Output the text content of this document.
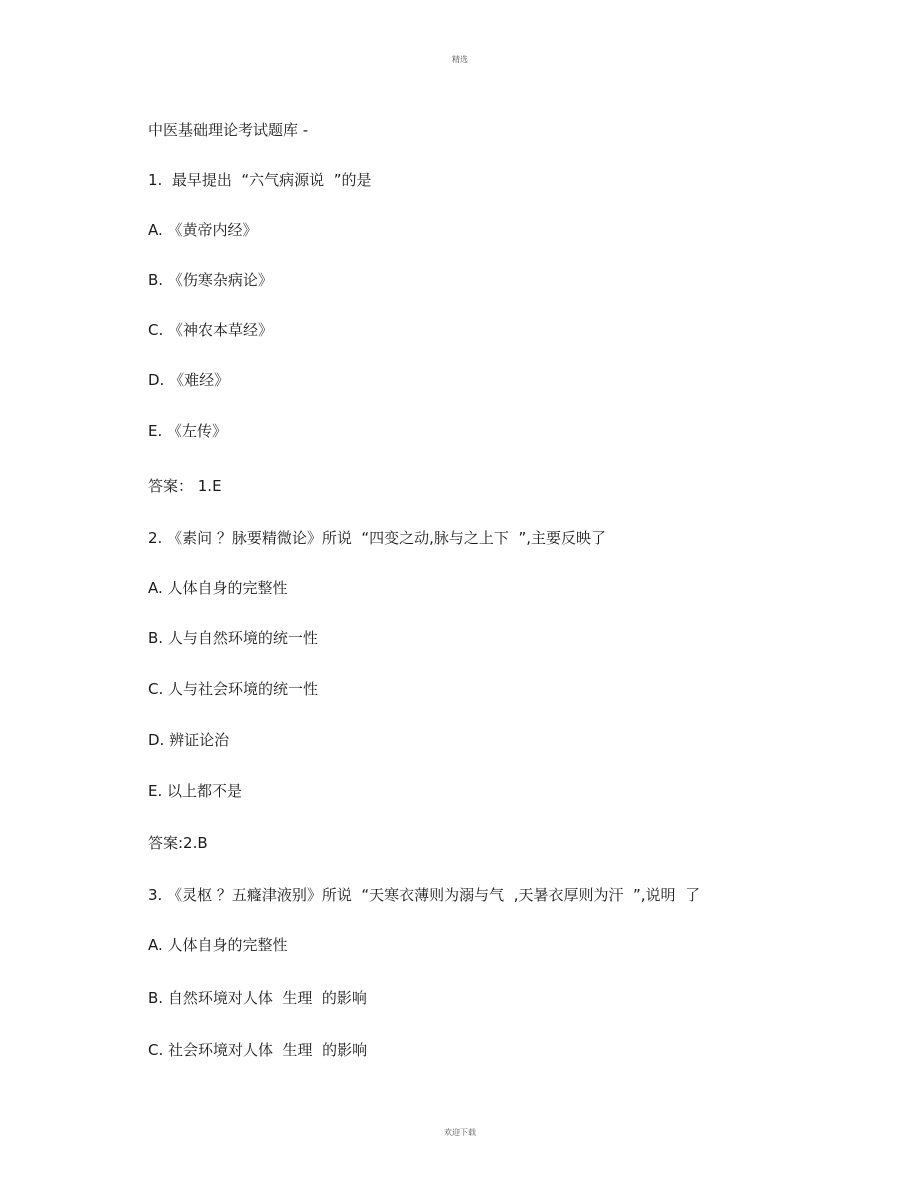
精选
中医基础理论考试题库 -
1.  最早提出  “六气病源说  ”的是
A. 《黄帝内经》
B. 《伤寒杂病论》
C. 《神农本草经》
D. 《难经》
E. 《左传》
答案： 1.E
2. 《素问 ？脉要精微论》所说  “四变之动,脉与之上下  ”,主要反映了
A. 人体自身的完整性
B. 人与自然环境的统一性
C. 人与社会环境的统一性
D. 辨证论治
E. 以上都不是
答案:2.B
3. 《灵枢 ？五癃津液别》所说  “天寒衣薄则为溺与气  ,天暑衣厚则为汗  ”,说明  了
A. 人体自身的完整性
B. 自然环境对人体  生理  的影响
C. 社会环境对人体  生理  的影响
欢迎下载
